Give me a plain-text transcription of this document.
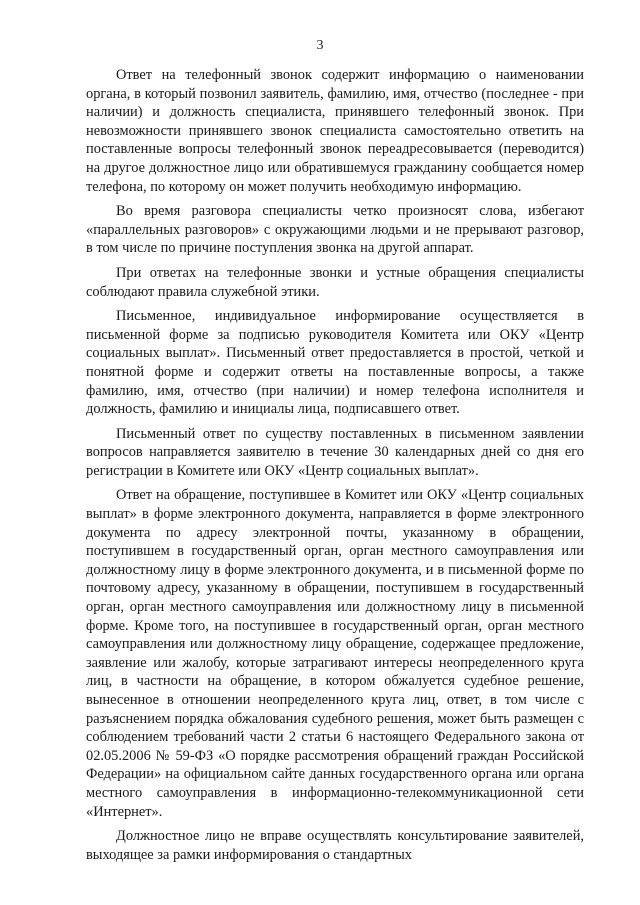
3

Ответ на телефонный звонок содержит информацию о наименовании органа, в который позвонил заявитель, фамилию, имя, отчество (последнее - при наличии) и должность специалиста, принявшего телефонный звонок. При невозможности принявшего звонок специалиста самостоятельно ответить на поставленные вопросы телефонный звонок переадресовывается (переводится) на другое должностное лицо или обратившемуся гражданину сообщается номер телефона, по которому он может получить необходимую информацию.

Во время разговора специалисты четко произносят слова, избегают «параллельных разговоров» с окружающими людьми и не прерывают разговор, в том числе по причине поступления звонка на другой аппарат.

При ответах на телефонные звонки и устные обращения специалисты соблюдают правила служебной этики.

Письменное, индивидуальное информирование осуществляется в письменной форме за подписью руководителя Комитета или ОКУ «Центр социальных выплат». Письменный ответ предоставляется в простой, четкой и понятной форме и содержит ответы на поставленные вопросы, а также фамилию, имя, отчество (при наличии) и номер телефона исполнителя и должность, фамилию и инициалы лица, подписавшего ответ.

Письменный ответ по существу поставленных в письменном заявлении вопросов направляется заявителю в течение 30 календарных дней со дня его регистрации в Комитете или ОКУ «Центр социальных выплат».

Ответ на обращение, поступившее в Комитет или ОКУ «Центр социальных выплат» в форме электронного документа, направляется в форме электронного документа по адресу электронной почты, указанному в обращении, поступившем в государственный орган, орган местного самоуправления или должностному лицу в форме электронного документа, и в письменной форме по почтовому адресу, указанному в обращении, поступившем в государственный орган, орган местного самоуправления или должностному лицу в письменной форме. Кроме того, на поступившее в государственный орган, орган местного самоуправления или должностному лицу обращение, содержащее предложение, заявление или жалобу, которые затрагивают интересы неопределенного круга лиц, в частности на обращение, в котором обжалуется судебное решение, вынесенное в отношении неопределенного круга лиц, ответ, в том числе с разъяснением порядка обжалования судебного решения, может быть размещен с соблюдением требований части 2 статьи 6 настоящего Федерального закона от 02.05.2006 № 59-ФЗ «О порядке рассмотрения обращений граждан Российской Федерации» на официальном сайте данных государственного органа или органа местного самоуправления в информационно-телекоммуникационной сети «Интернет».

Должностное лицо не вправе осуществлять консультирование заявителей, выходящее за рамки информирования о стандартных
